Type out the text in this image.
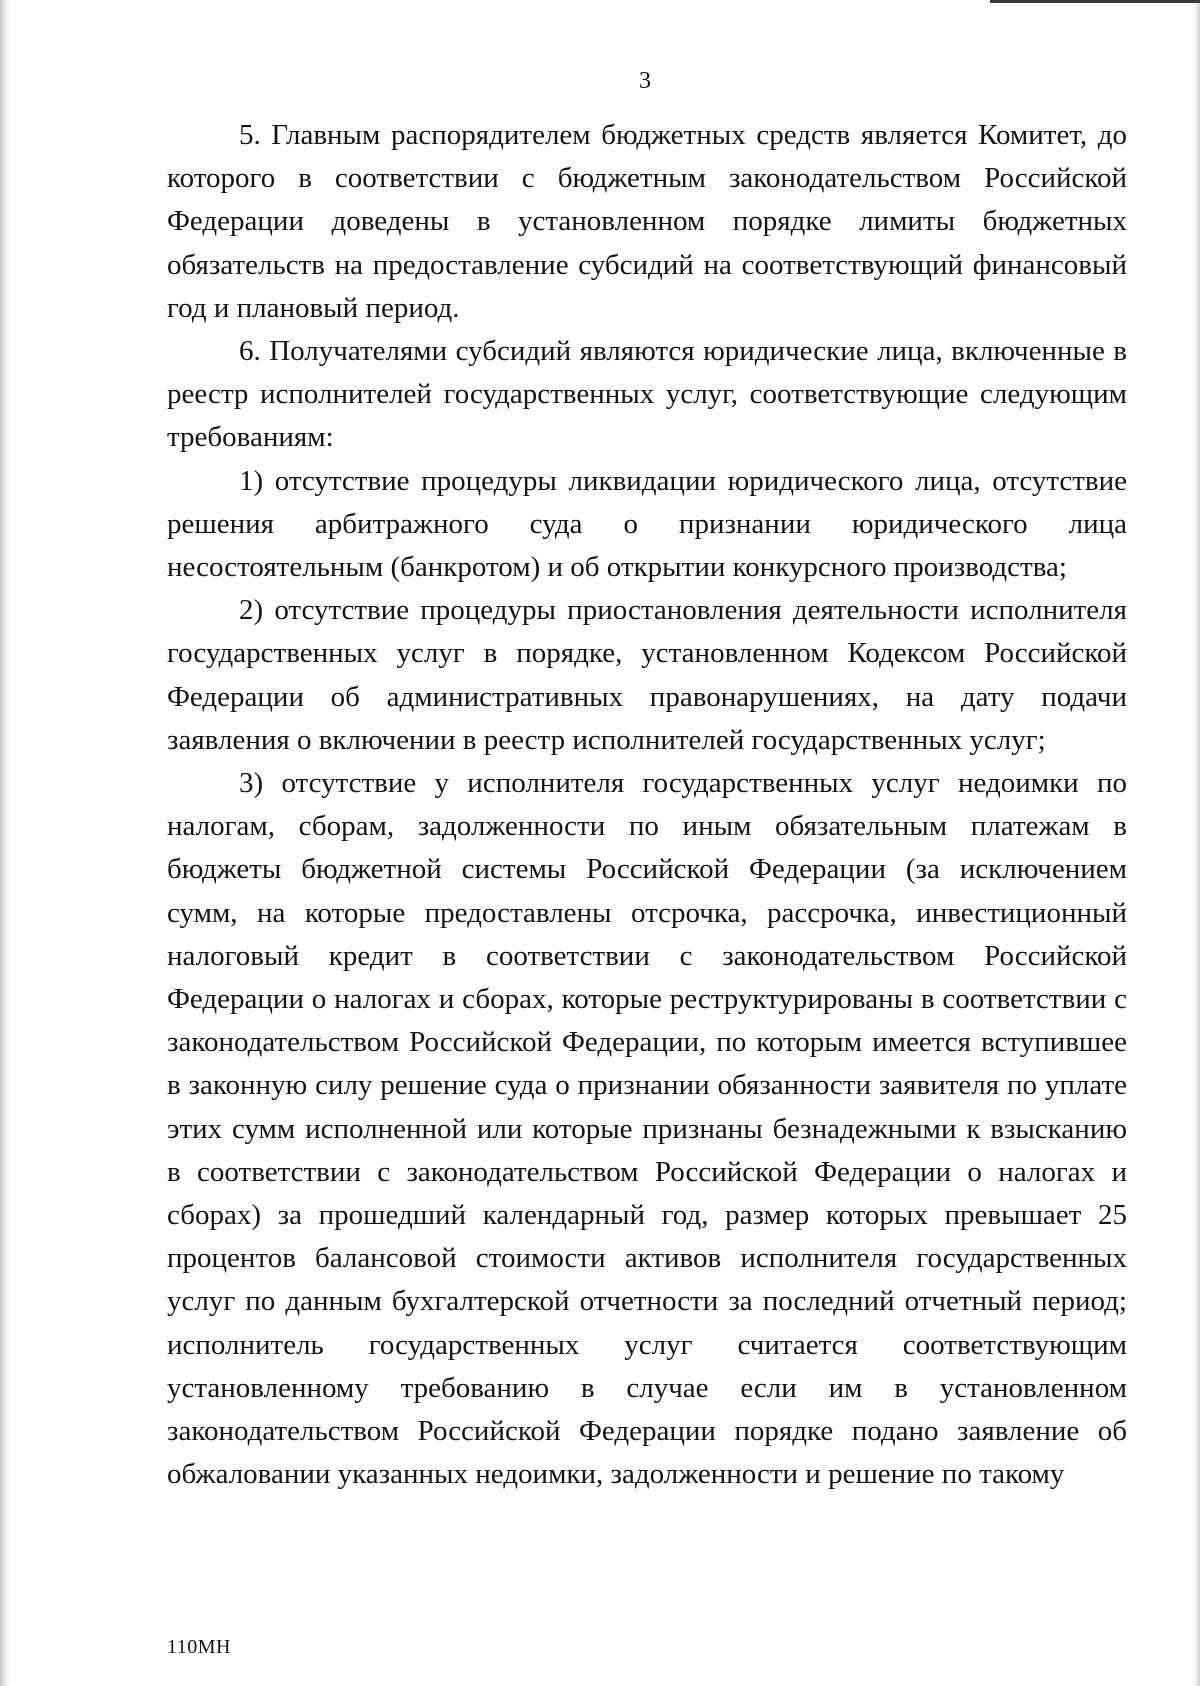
3

5. Главным распорядителем бюджетных средств является Комитет, до которого в соответствии с бюджетным законодательством Российской Федерации доведены в установленном порядке лимиты бюджетных обязательств на предоставление субсидий на соответствующий финансовый год и плановый период.

6. Получателями субсидий являются юридические лица, включенные в реестр исполнителей государственных услуг, соответствующие следующим требованиям:

1) отсутствие процедуры ликвидации юридического лица, отсутствие решения арбитражного суда о признании юридического лица несостоятельным (банкротом) и об открытии конкурсного производства;

2) отсутствие процедуры приостановления деятельности исполнителя государственных услуг в порядке, установленном Кодексом Российской Федерации об административных правонарушениях, на дату подачи заявления о включении в реестр исполнителей государственных услуг;

3) отсутствие у исполнителя государственных услуг недоимки по налогам, сборам, задолженности по иным обязательным платежам в бюджеты бюджетной системы Российской Федерации (за исключением сумм, на которые предоставлены отсрочка, рассрочка, инвестиционный налоговый кредит в соответствии с законодательством Российской Федерации о налогах и сборах, которые реструктурированы в соответствии с законодательством Российской Федерации, по которым имеется вступившее в законную силу решение суда о признании обязанности заявителя по уплате этих сумм исполненной или которые признаны безнадежными к взысканию в соответствии с законодательством Российской Федерации о налогах и сборах) за прошедший календарный год, размер которых превышает 25 процентов балансовой стоимости активов исполнителя государственных услуг по данным бухгалтерской отчетности за последний отчетный период; исполнитель государственных услуг считается соответствующим установленному требованию в случае если им в установленном законодательством Российской Федерации порядке подано заявление об обжаловании указанных недоимки, задолженности и решение по такому

110МН
